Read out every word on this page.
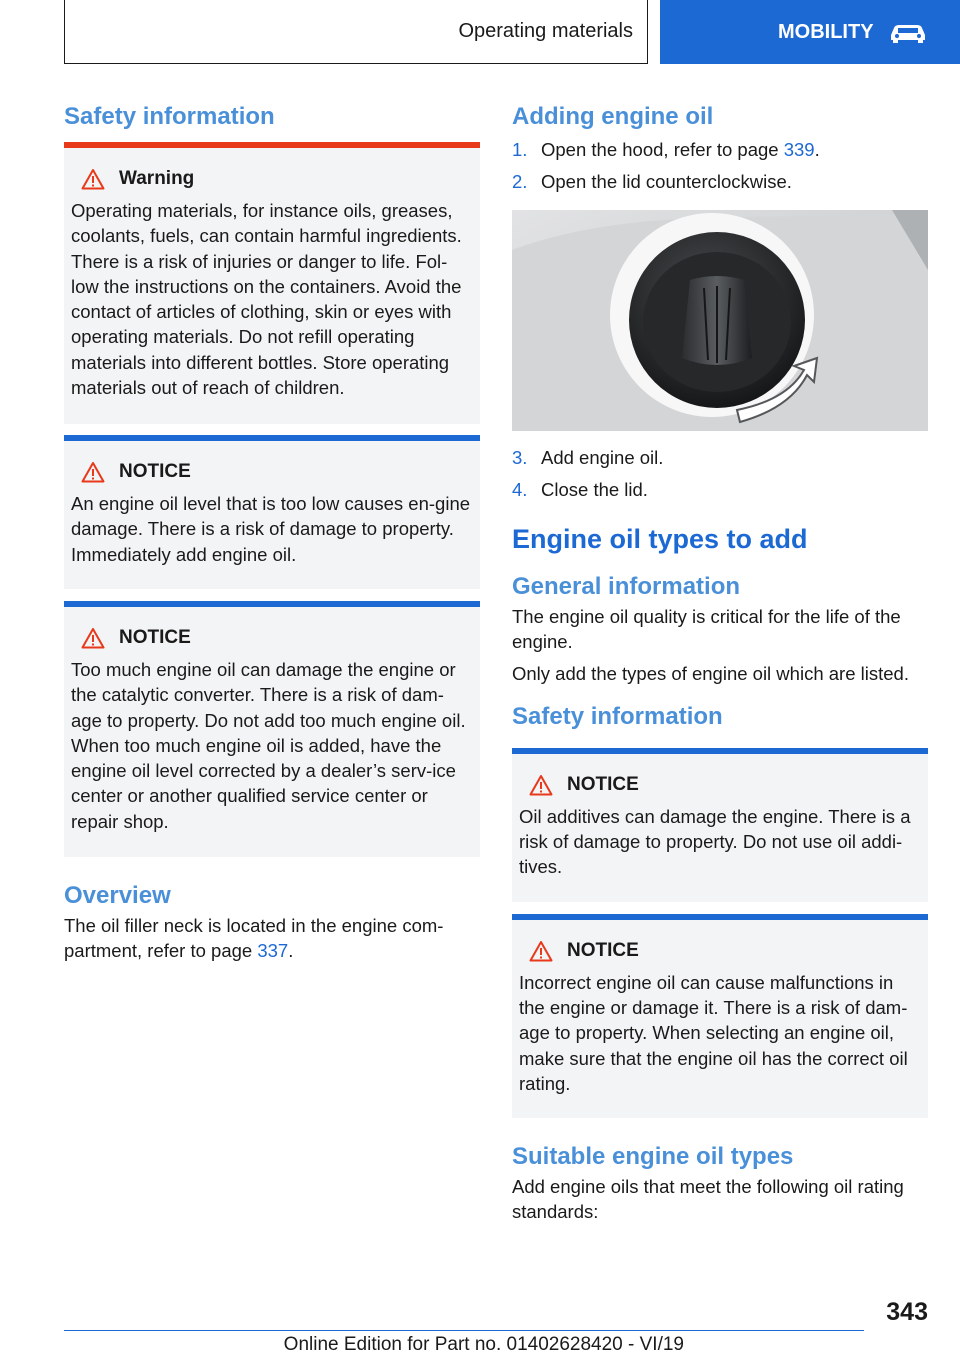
Operating materials	MOBILITY
Safety information
Warning

Operating materials, for instance oils, greases, coolants, fuels, can contain harmful ingredients. There is a risk of injuries or danger to life. Fol-low the instructions on the containers. Avoid the contact of articles of clothing, skin or eyes with operating materials. Do not refill operating materials into different bottles. Store operating materials out of reach of children.

NOTICE

An engine oil level that is too low causes en-gine damage. There is a risk of damage to property. Immediately add engine oil.

NOTICE

Too much engine oil can damage the engine or the catalytic converter. There is a risk of dam-age to property. Do not add too much engine oil. When too much engine oil is added, have the engine oil level corrected by a dealer’s serv-ice center or another qualified service center or repair shop.

Overview

The oil filler neck is located in the engine com-partment, refer to page 337.

Adding engine oil
1. Open the hood, refer to page 339.
2. Open the lid counterclockwise.
3. Add engine oil.
4. Close the lid.
Engine oil types to add
General information

The engine oil quality is critical for the life of the engine.

Only add the types of engine oil which are listed.

Safety information
NOTICE

Oil additives can damage the engine. There is a risk of damage to property. Do not use oil addi-tives.

NOTICE

Incorrect engine oil can cause malfunctions in the engine or damage it. There is a risk of dam-age to property. When selecting an engine oil, make sure that the engine oil has the correct oil rating.

Suitable engine oil types

Add engine oils that meet the following oil rating standards:

343
Online Edition for Part no. 01402628420 - VI/19
